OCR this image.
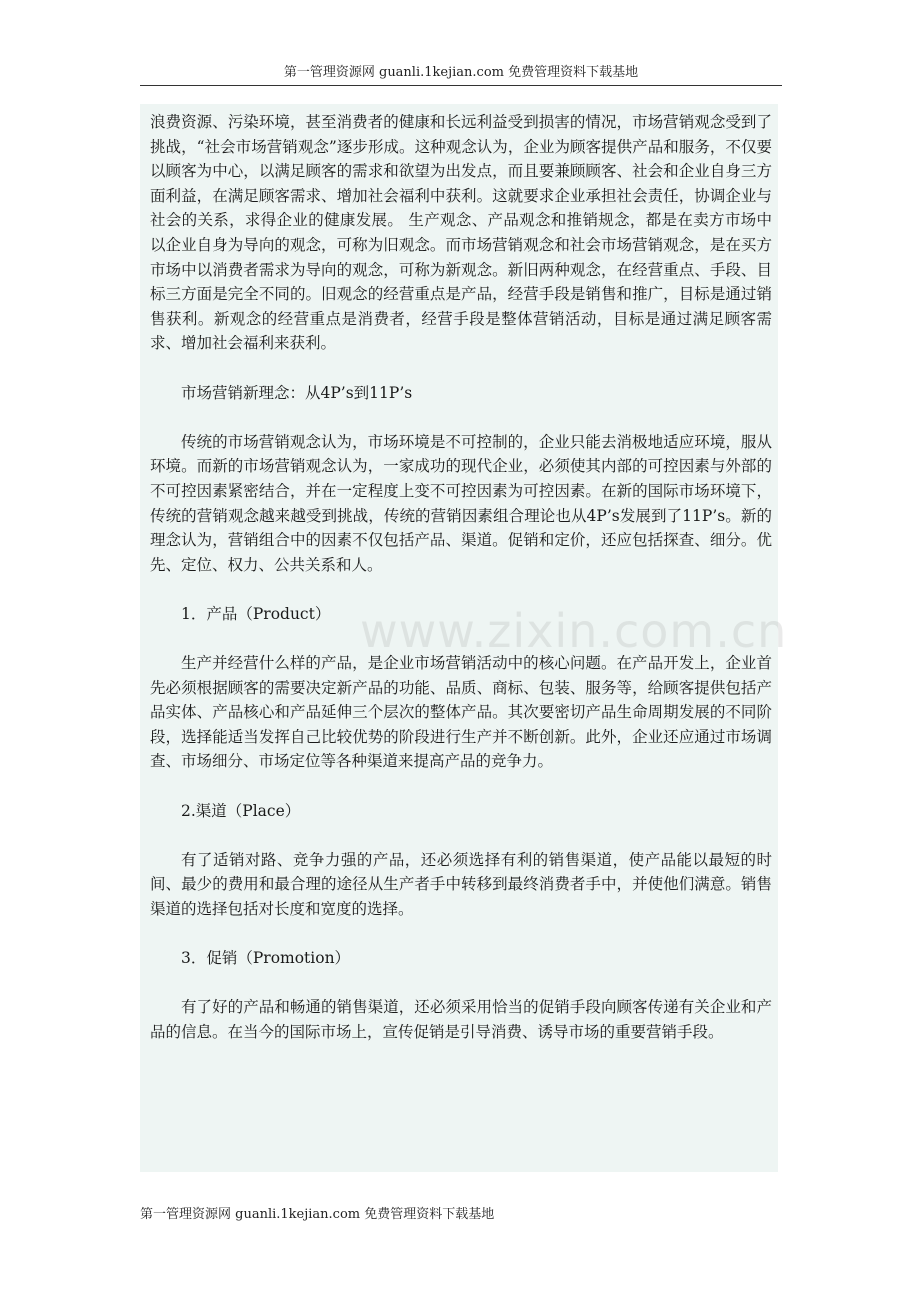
第一管理资源网 guanli.1kejian.com 免费管理资料下载基地

浪费资源、污染环境，甚至消费者的健康和长远利益受到损害的情况，市场营销观念受到了挑战，“社会市场营销观念”逐步形成。这种观念认为，企业为顾客提供产品和服务，不仅要以顾客为中心，以满足顾客的需求和欲望为出发点，而且要兼顾顾客、社会和企业自身三方面利益，在满足顾客需求、增加社会福利中获利。这就要求企业承担社会责任，协调企业与社会的关系，求得企业的健康发展。 生产观念、产品观念和推销规念，都是在卖方市场中以企业自身为导向的观念，可称为旧观念。而市场营销观念和社会市场营销观念，是在买方市场中以消费者需求为导向的观念，可称为新观念。新旧两种观念，在经营重点、手段、目标三方面是完全不同的。旧观念的经营重点是产品，经营手段是销售和推广，目标是通过销售获利。新观念的经营重点是消费者，经营手段是整体营销活动，目标是通过满足顾客需求、增加社会福利来获利。

市场营销新理念：从4P’s到11P’s

传统的市场营销观念认为，市场环境是不可控制的，企业只能去消极地适应环境，服从环境。而新的市场营销观念认为，一家成功的现代企业，必须使其内部的可控因素与外部的不可控因素紧密结合，并在一定程度上变不可控因素为可控因素。在新的国际市场环境下，传统的营销观念越来越受到挑战，传统的营销因素组合理论也从4P’s发展到了11P’s。新的理念认为，营销组合中的因素不仅包括产品、渠道。促销和定价，还应包括探查、细分。优先、定位、权力、公共关系和人。

1．产品（Product）

生产并经营什么样的产品，是企业市场营销活动中的核心问题。在产品开发上，企业首先必须根据顾客的需要决定新产品的功能、品质、商标、包装、服务等，给顾客提供包括产品实体、产品核心和产品延伸三个层次的整体产品。其次要密切产品生命周期发展的不同阶段，选择能适当发挥自己比较优势的阶段进行生产并不断创新。此外，企业还应通过市场调查、市场细分、市场定位等各种渠道来提高产品的竞争力。

2.渠道（Place）

有了适销对路、竞争力强的产品，还必须选择有利的销售渠道，使产品能以最短的时间、最少的费用和最合理的途径从生产者手中转移到最终消费者手中，并使他们满意。销售渠道的选择包括对长度和宽度的选择。

3．促销（Promotion）

有了好的产品和畅通的销售渠道，还必须采用恰当的促销手段向顾客传递有关企业和产品的信息。在当今的国际市场上，宣传促销是引导消费、诱导市场的重要营销手段。

www.zixin.com.cn
第一管理资源网 guanli.1kejian.com 免费管理资料下载基地
